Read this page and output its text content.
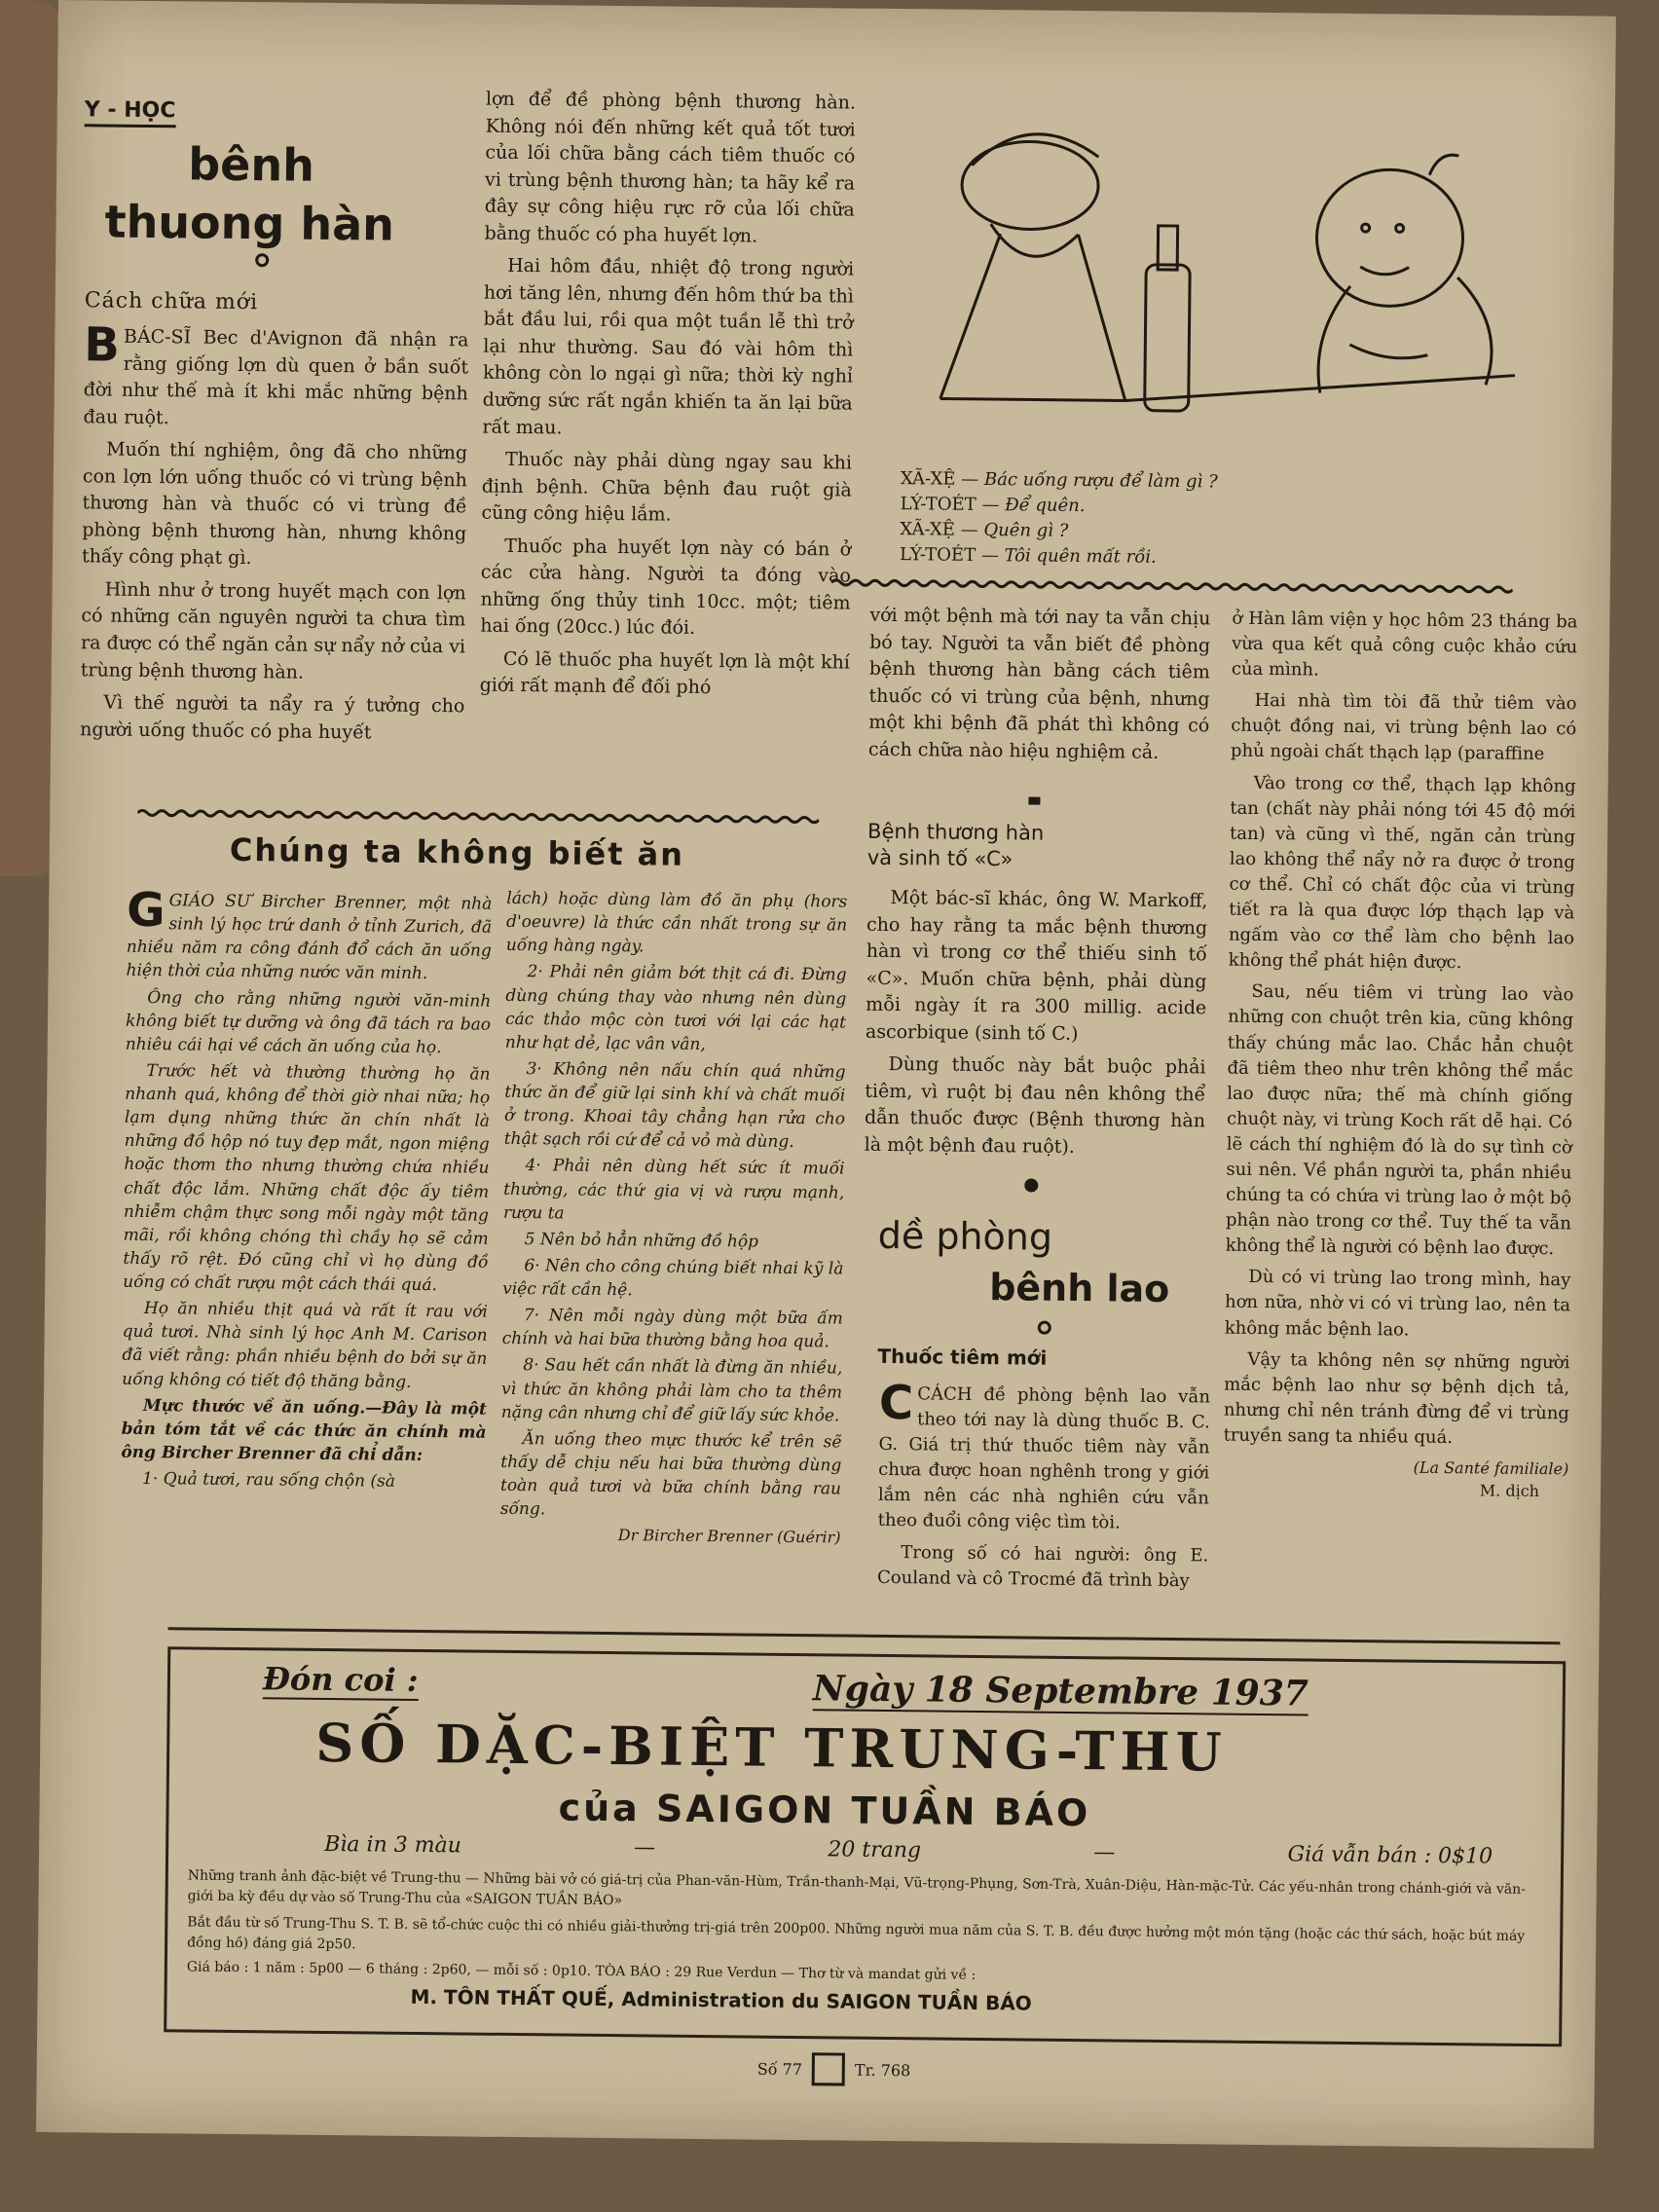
Y - HỌC
bênh
thuong hàn
Cách chữa mới

BBÁC-SĨ Bec d'Avignon đã nhận ra rằng giống lợn dù quen ở bần suốt đời như thế mà ít khi mắc những bệnh đau ruột.

Muốn thí nghiệm, ông đã cho những con lợn lớn uống thuốc có vi trùng bệnh thương hàn và thuốc có vi trùng đề phòng bệnh thương hàn, nhưng không thấy công phạt gì.

Hình như ở trong huyết mạch con lợn có những căn nguyên người ta chưa tìm ra được có thể ngăn cản sự nẩy nở của vi trùng bệnh thương hàn.

Vì thế người ta nẩy ra ý tưởng cho người uống thuốc có pha huyết

lợn để đề phòng bệnh thương hàn. Không nói đến những kết quả tốt tươi của lối chữa bằng cách tiêm thuốc có vi trùng bệnh thương hàn; ta hãy kể ra đây sự công hiệu rực rỡ của lối chữa bằng thuốc có pha huyết lợn.

Hai hôm đầu, nhiệt độ trong người hơi tăng lên, nhưng đến hôm thứ ba thì bắt đầu lui, rồi qua một tuần lễ thì trở lại như thường. Sau đó vài hôm thì không còn lo ngại gì nữa; thời kỳ nghỉ dưỡng sức rất ngắn khiến ta ăn lại bữa rất mau.

Thuốc này phải dùng ngay sau khi định bệnh. Chữa bệnh đau ruột già cũng công hiệu lắm.

Thuốc pha huyết lợn này có bán ở các cửa hàng. Người ta đóng vào những ống thủy tinh 10cc. một; tiêm hai ống (20cc.) lúc đói.

Có lẽ thuốc pha huyết lợn là một khí giới rất mạnh để đối phó

XÃ-XỆ — Bác uống rượu để làm gì ?
LÝ-TOÉT — Để quên.
XÃ-XỆ — Quên gì ?
LÝ-TOÉT — Tôi quên mất rồi.

với một bệnh mà tới nay ta vẫn chịu bó tay. Người ta vẫn biết đề phòng bệnh thương hàn bằng cách tiêm thuốc có vi trùng của bệnh, nhưng một khi bệnh đã phát thì không có cách chữa nào hiệu nghiệm cả.

Bệnh thương hàn
và sinh tố «C»

Một bác-sĩ khác, ông W. Markoff, cho hay rằng ta mắc bệnh thương hàn vì trong cơ thể thiếu sinh tố «C». Muốn chữa bệnh, phải dùng mỗi ngày ít ra 300 millig. acide ascorbique (sinh tố C.)

Dùng thuốc này bắt buộc phải tiêm, vì ruột bị đau nên không thể dẫn thuốc được (Bệnh thương hàn là một bệnh đau ruột).

dề phòng
bênh lao
Thuốc tiêm mới

CCÁCH đề phòng bệnh lao vẫn theo tới nay là dùng thuốc B. C. G. Giá trị thứ thuốc tiêm này vẫn chưa được hoan nghênh trong y giới lắm nên các nhà nghiên cứu vẫn theo đuổi công việc tìm tòi.

Trong số có hai người: ông E. Couland và cô Trocmé đã trình bày

ở Hàn lâm viện y học hôm 23 tháng ba vừa qua kết quả công cuộc khảo cứu của mình.

Hai nhà tìm tòi đã thử tiêm vào chuột đồng nai, vi trùng bệnh lao có phủ ngoài chất thạch lạp (paraffine

Vào trong cơ thể, thạch lạp không tan (chất này phải nóng tới 45 độ mới tan) và cũng vì thế, ngăn cản trùng lao không thể nẩy nở ra được ở trong cơ thể. Chỉ có chất độc của vi trùng tiết ra là qua được lớp thạch lạp và ngấm vào cơ thể làm cho bệnh lao không thể phát hiện được.

Sau, nếu tiêm vi trùng lao vào những con chuột trên kia, cũng không thấy chúng mắc lao. Chắc hẳn chuột đã tiêm theo như trên không thể mắc lao được nữa; thế mà chính giống chuột này, vi trùng Koch rất dễ hại. Có lẽ cách thí nghiệm đó là do sự tình cờ sui nên. Về phần người ta, phần nhiều chúng ta có chứa vi trùng lao ở một bộ phận nào trong cơ thể. Tuy thế ta vẫn không thể là người có bệnh lao được.

Dù có vi trùng lao trong mình, hay hơn nữa, nhờ vi có vi trùng lao, nên ta không mắc bệnh lao.

Vậy ta không nên sợ những người mắc bệnh lao như sợ bệnh dịch tả, nhưng chỉ nên tránh đừng để vi trùng truyền sang ta nhiều quá.

(La Santé familiale)
M. dịch
Chúng ta không biết ăn

GGIÁO SƯ Bircher Brenner, một nhà sinh lý học trứ danh ở tỉnh Zurich, đã nhiều năm ra công đánh đổ cách ăn uống hiện thời của những nước văn minh.

Ông cho rằng những người văn-minh không biết tự dưỡng và ông đã tách ra bao nhiêu cái hại về cách ăn uống của họ.

Trước hết và thường thường họ ăn nhanh quá, không để thời giờ nhai nữa; họ lạm dụng những thức ăn chín nhất là những đồ hộp nó tuy đẹp mắt, ngon miệng hoặc thơm tho nhưng thường chứa nhiều chất độc lắm. Những chất độc ấy tiêm nhiễm chậm thực song mỗi ngày một tăng mãi, rồi không chóng thì chầy họ sẽ cảm thấy rõ rệt. Đó cũng chỉ vì họ dùng đồ uống có chất rượu một cách thái quá.

Họ ăn nhiều thịt quá và rất ít rau với quả tươi. Nhà sinh lý học Anh M. Carison đã viết rằng: phần nhiều bệnh do bởi sự ăn uống không có tiết độ thăng bằng.

Mực thước về ăn uống.—Đây là một bản tóm tắt về các thức ăn chính mà ông Bircher Brenner đã chỉ dẫn:

1· Quả tươi, rau sống chộn (sà

lách) hoặc dùng làm đồ ăn phụ (hors d'oeuvre) là thức cần nhất trong sự ăn uống hàng ngày.

2· Phải nên giảm bớt thịt cá đi. Đừng dùng chúng thay vào nhưng nên dùng các thảo mộc còn tươi với lại các hạt như hạt dẻ, lạc vân vân,

3· Không nên nấu chín quá những thức ăn để giữ lại sinh khí và chất muối ở trong. Khoai tây chẳng hạn rửa cho thật sạch rồi cứ để cả vỏ mà dùng.

4· Phải nên dùng hết sức ít muối thường, các thứ gia vị và rượu mạnh, rượu ta

5 Nên bỏ hẳn những đồ hộp

6· Nên cho công chúng biết nhai kỹ là việc rất cần hệ.

7· Nên mỗi ngày dùng một bữa ấm chính và hai bữa thường bằng hoa quả.

8· Sau hết cần nhất là đừng ăn nhiều, vì thức ăn không phải làm cho ta thêm nặng cân nhưng chỉ để giữ lấy sức khỏe.

Ăn uống theo mực thước kể trên sẽ thấy dễ chịu nếu hai bữa thường dùng toàn quả tươi và bữa chính bằng rau sống.

Dr Bircher Brenner (Guérir)
Đón coi :	Ngày 18 Septembre 1937
SỐ DẶC-BIỆT TRUNG-THU
của SAIGON TUẦN BÁO
Bìa in 3 màu	—	20 trang	—	Giá vẫn bán : 0$10
Những tranh ảnh đặc-biệt về Trung-thu — Những bài vở có giá-trị của Phan-văn-Hùm, Trần-thanh-Mại, Vũ-trọng-Phụng, Sơn-Trà, Xuân-Diệu, Hàn-mặc-Tử. Các yếu-nhân trong chánh-giới và văn-giới ba kỳ đều dự vào số Trung-Thu của «SAIGON TUẦN BÁO»
Bắt đầu từ số Trung-Thu S. T. B. sẽ tổ-chức cuộc thi có nhiều giải-thưởng trị-giá trên 200p00. Những người mua năm của S. T. B. đều được hưởng một món tặng (hoặc các thứ sách, hoặc bút máy đồng hồ) đáng giá 2p50.
Giá báo : 1 năm : 5p00 — 6 tháng : 2p60, — mỗi số : 0p10. TÒA BÁO : 29 Rue Verdun — Thơ từ và mandat gửi về :
M. TÔN THẤT QUẾ, Administration du SAIGON TUẦN BÁO
Số 77	Tr. 768
